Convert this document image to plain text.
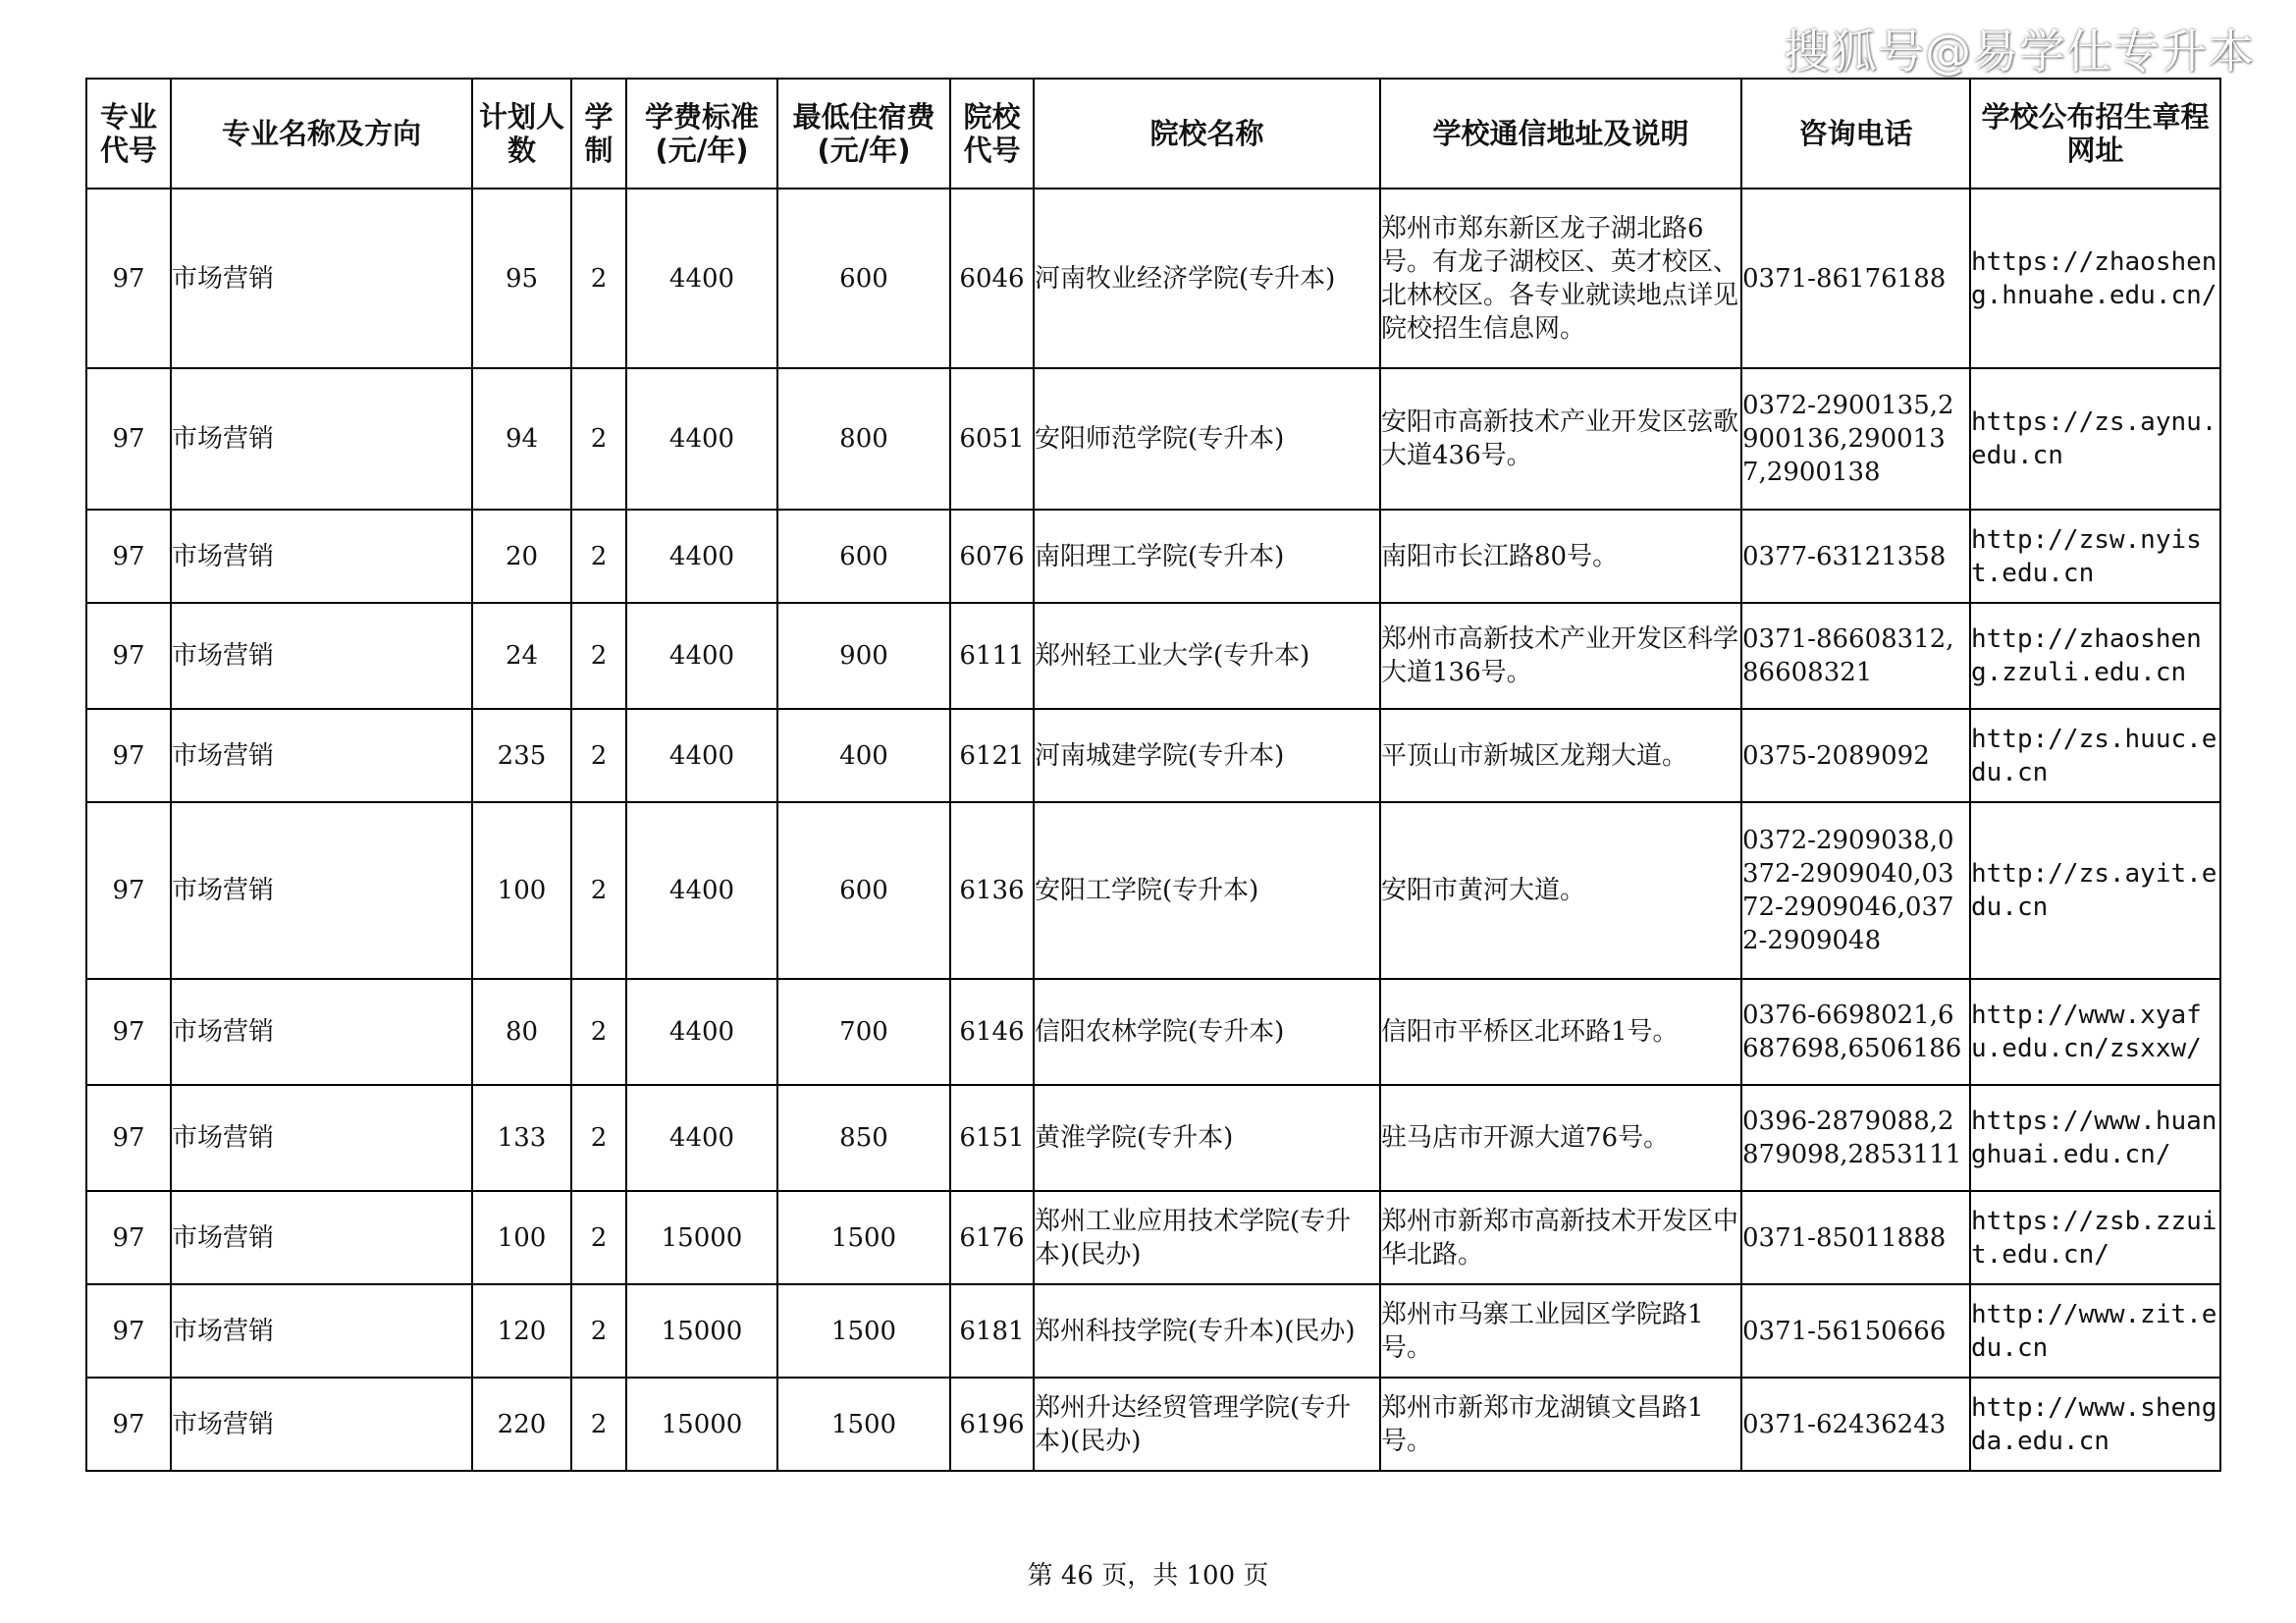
搜狐号@易学仕专升本
专业代号	专业名称及方向	计划人数	学制	学费标准(元/年)	最低住宿费(元/年)	院校代号	院校名称	学校通信地址及说明	咨询电话	学校公布招生章程网址
97	市场营销	95	2	4400	600	6046	河南牧业经济学院(专升本)	郑州市郑东新区龙子湖北路6号。有龙子湖校区、英才校区、北林校区。各专业就读地点详见院校招生信息网。	0371-86176188	https://zhaosheng.hnuahe.edu.cn/
97	市场营销	94	2	4400	800	6051	安阳师范学院(专升本)	安阳市高新技术产业开发区弦歌大道436号。	0372-2900135,2900136,2900137,2900138	https://zs.aynu.edu.cn
97	市场营销	20	2	4400	600	6076	南阳理工学院(专升本)	南阳市长江路80号。	0377-63121358	http://zsw.nyist.edu.cn
97	市场营销	24	2	4400	900	6111	郑州轻工业大学(专升本)	郑州市高新技术产业开发区科学大道136号。	0371-86608312,86608321	http://zhaosheng.zzuli.edu.cn
97	市场营销	235	2	4400	400	6121	河南城建学院(专升本)	平顶山市新城区龙翔大道。	0375-2089092	http://zs.huuc.edu.cn
97	市场营销	100	2	4400	600	6136	安阳工学院(专升本)	安阳市黄河大道。	0372-2909038,0372-2909040,0372-2909046,0372-2909048	http://zs.ayit.edu.cn
97	市场营销	80	2	4400	700	6146	信阳农林学院(专升本)	信阳市平桥区北环路1号。	0376-6698021,6687698,6506186	http://www.xyafu.edu.cn/zsxxw/
97	市场营销	133	2	4400	850	6151	黄淮学院(专升本)	驻马店市开源大道76号。	0396-2879088,2879098,2853111	https://www.huanghuai.edu.cn/
97	市场营销	100	2	15000	1500	6176	郑州工业应用技术学院(专升本)(民办)	郑州市新郑市高新技术开发区中华北路。	0371-85011888	https://zsb.zzuit.edu.cn/
97	市场营销	120	2	15000	1500	6181	郑州科技学院(专升本)(民办)	郑州市马寨工业园区学院路1号。	0371-56150666	http://www.zit.edu.cn
97	市场营销	220	2	15000	1500	6196	郑州升达经贸管理学院(专升本)(民办)	郑州市新郑市龙湖镇文昌路1号。	0371-62436243	http://www.shengda.edu.cn
第 46 页，共 100 页
